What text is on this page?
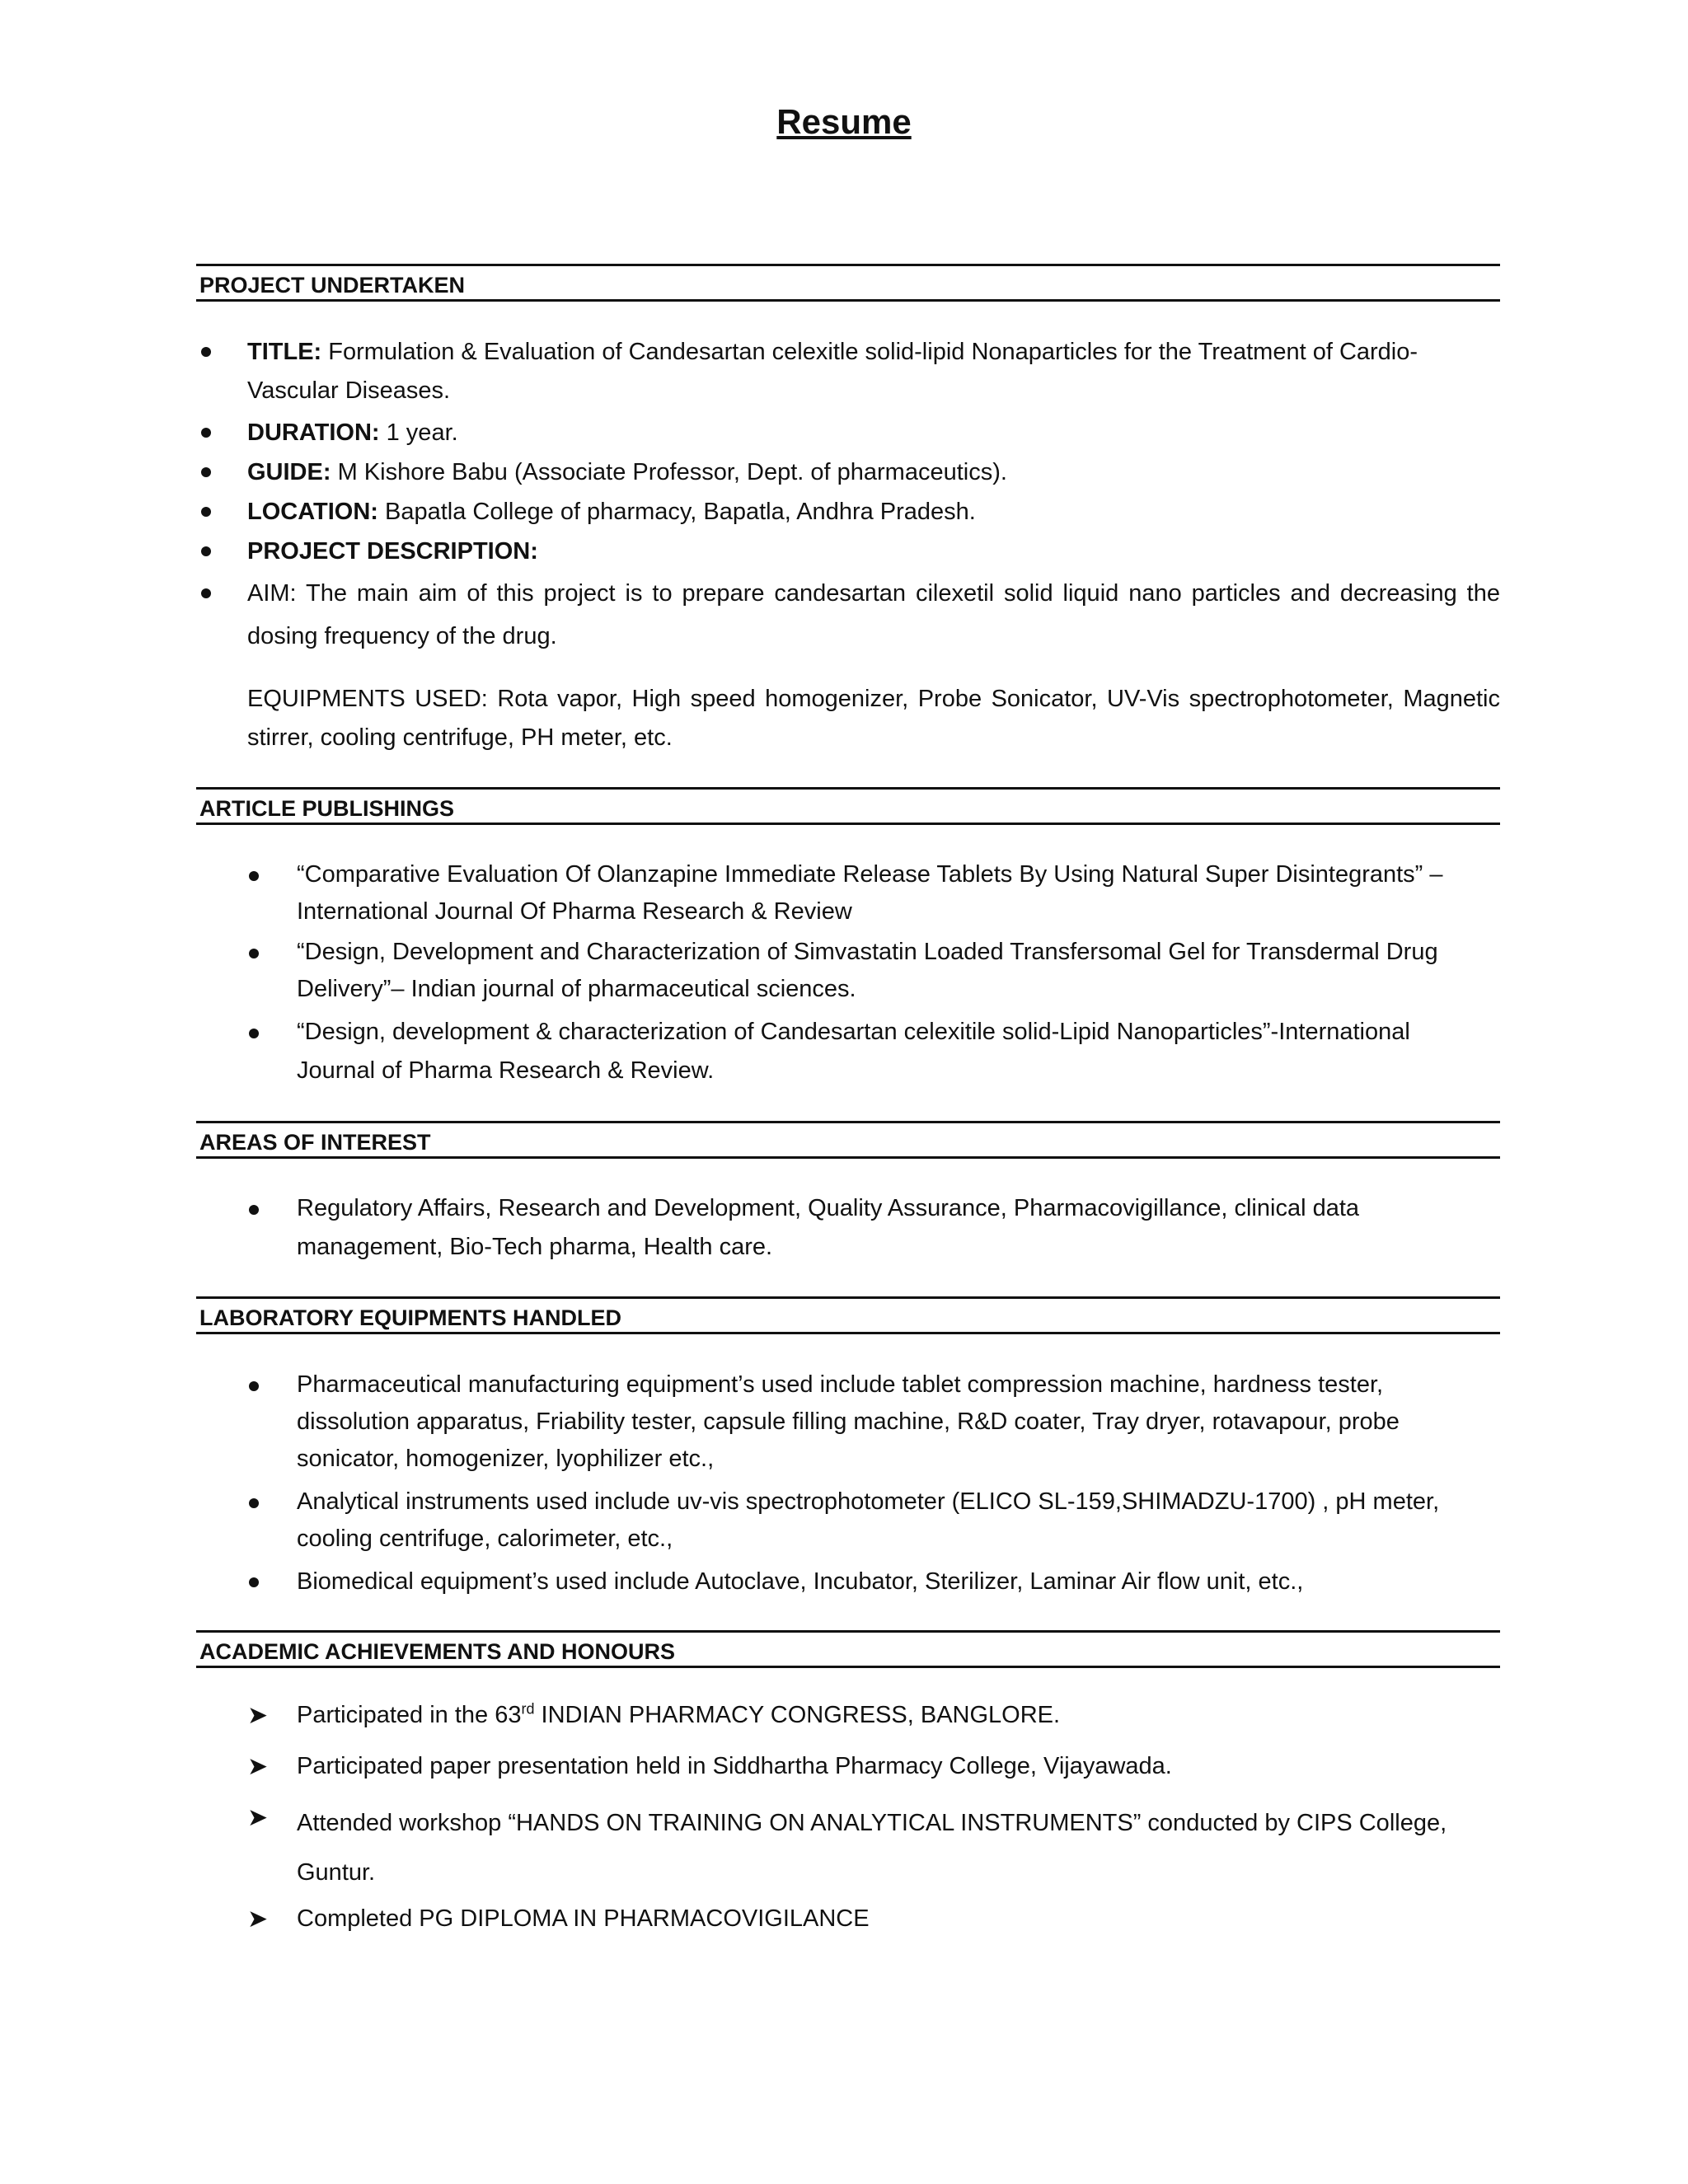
Resume
PROJECT UNDERTAKEN
TITLE: Formulation & Evaluation of Candesartan celexitle solid-lipid Nonaparticles for the Treatment of Cardio-Vascular Diseases.
DURATION: 1 year.
GUIDE: M Kishore Babu (Associate Professor, Dept. of pharmaceutics).
LOCATION: Bapatla College of pharmacy, Bapatla, Andhra Pradesh.
PROJECT DESCRIPTION:
AIM: The main aim of this project is to prepare candesartan cilexetil solid liquid nano particles and decreasing the dosing frequency of the drug.
EQUIPMENTS USED: Rota vapor, High speed homogenizer, Probe Sonicator, UV-Vis spectrophotometer, Magnetic stirrer, cooling centrifuge, PH meter, etc.
ARTICLE PUBLISHINGS
“Comparative Evaluation Of Olanzapine Immediate Release Tablets By Using Natural Super Disintegrants” – International Journal Of Pharma Research & Review
“Design, Development and Characterization of Simvastatin Loaded Transfersomal Gel for Transdermal Drug Delivery”– Indian journal of pharmaceutical sciences.
“Design, development & characterization of Candesartan celexitile solid-Lipid Nanoparticles”-International Journal of Pharma Research & Review.
AREAS OF INTEREST
Regulatory Affairs, Research and Development, Quality Assurance, Pharmacovigillance, clinical data management, Bio-Tech pharma, Health care.
LABORATORY EQUIPMENTS HANDLED
Pharmaceutical manufacturing equipment’s used include tablet compression machine, hardness tester, dissolution apparatus, Friability tester, capsule filling machine, R&D coater, Tray dryer, rotavapour, probe sonicator, homogenizer, lyophilizer etc.,
Analytical instruments used include uv-vis spectrophotometer (ELICO SL-159,SHIMADZU-1700) , pH meter, cooling centrifuge, calorimeter, etc.,
Biomedical equipment’s used include Autoclave, Incubator, Sterilizer, Laminar Air flow unit, etc.,
ACADEMIC ACHIEVEMENTS AND HONOURS
➤ Participated in the 63rd INDIAN PHARMACY CONGRESS, BANGLORE.
➤ Participated paper presentation held in Siddhartha Pharmacy College, Vijayawada.
➤ Attended workshop “HANDS ON TRAINING ON ANALYTICAL INSTRUMENTS” conducted by CIPS College, Guntur.
➤ Completed PG DIPLOMA IN PHARMACOVIGILANCE
